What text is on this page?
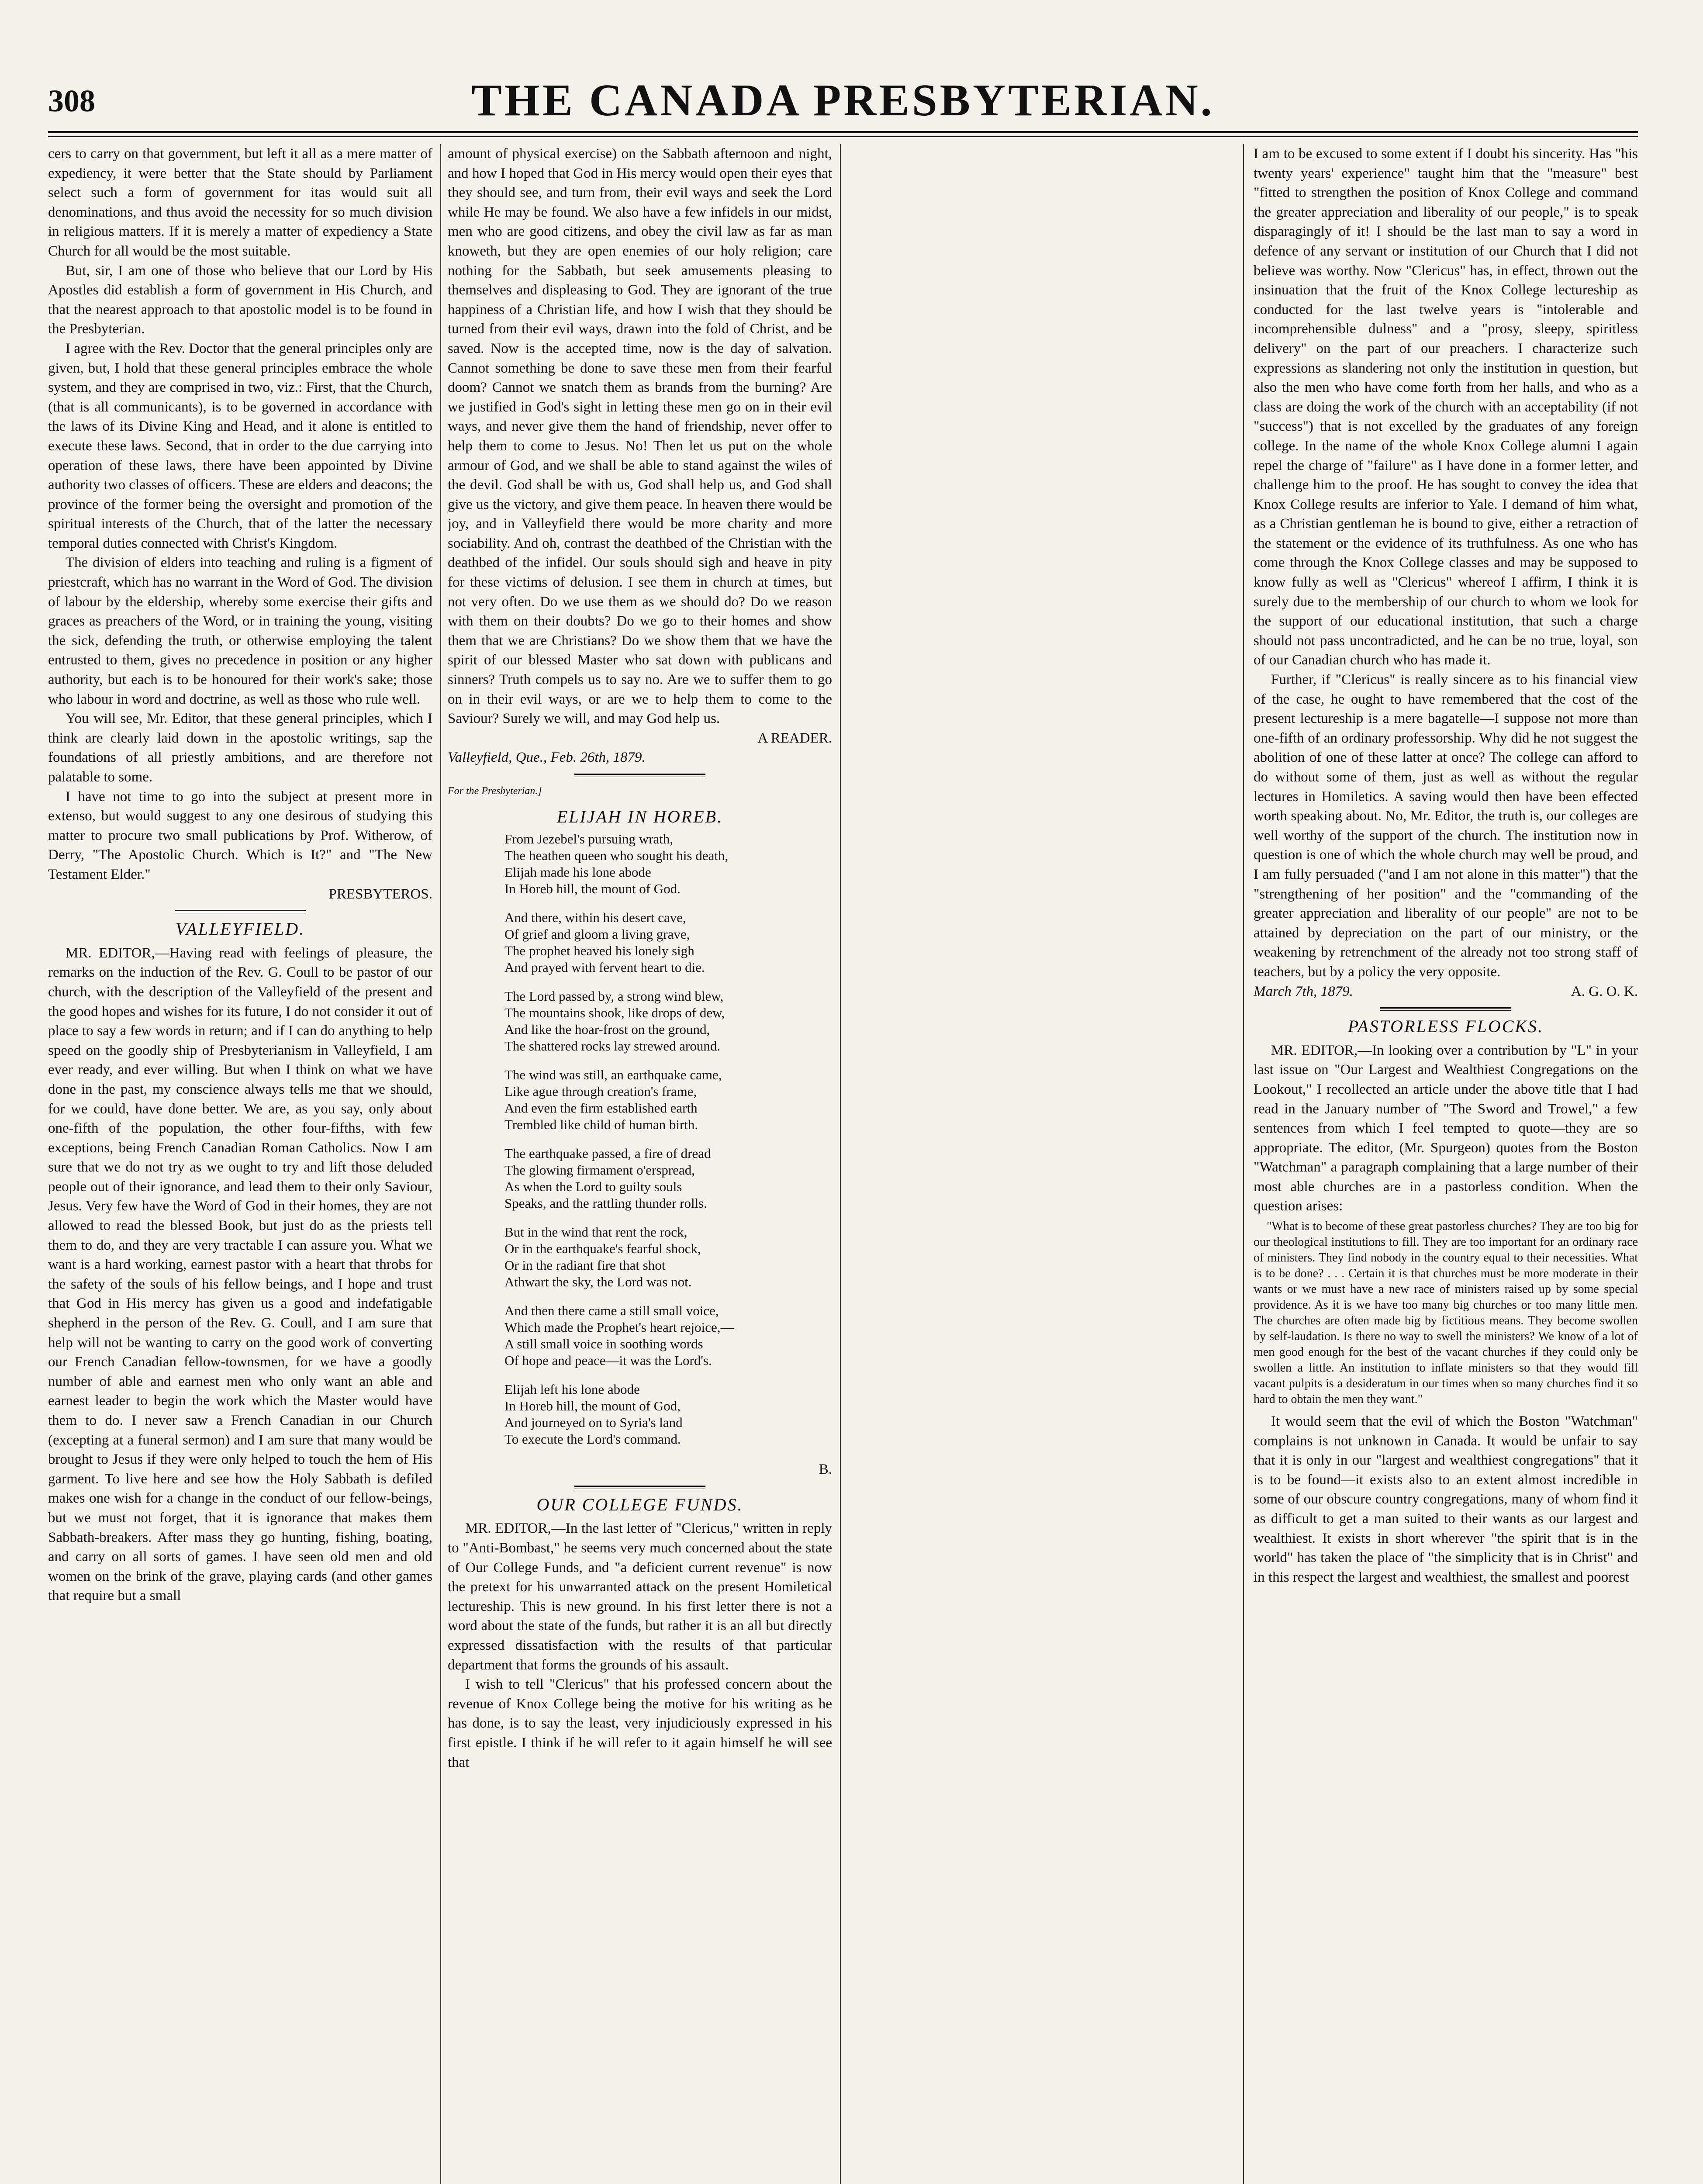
308	THE CANADA PRESBYTERIAN.

cers to carry on that government, but left it all as a mere matter of expediency, it were better that the State should by Parliament select such a form of government for itas would suit all denominations, and thus avoid the necessity for so much division in religious matters. If it is merely a matter of expediency a State Church for all would be the most suitable.

But, sir, I am one of those who believe that our Lord by His Apostles did establish a form of government in His Church, and that the nearest approach to that apostolic model is to be found in the Presbyterian.

I agree with the Rev. Doctor that the general principles only are given, but, I hold that these general principles embrace the whole system, and they are comprised in two, viz.: First, that the Church, (that is all communicants), is to be governed in accordance with the laws of its Divine King and Head, and it alone is entitled to execute these laws. Second, that in order to the due carrying into operation of these laws, there have been appointed by Divine authority two classes of officers. These are elders and deacons; the province of the former being the oversight and promotion of the spiritual interests of the Church, that of the latter the necessary temporal duties connected with Christ's Kingdom.

The division of elders into teaching and ruling is a figment of priestcraft, which has no warrant in the Word of God. The division of labour by the eldership, whereby some exercise their gifts and graces as preachers of the Word, or in training the young, visiting the sick, defending the truth, or otherwise employing the talent entrusted to them, gives no precedence in position or any higher authority, but each is to be honoured for their work's sake; those who labour in word and doctrine, as well as those who rule well.

You will see, Mr. Editor, that these general principles, which I think are clearly laid down in the apostolic writings, sap the foundations of all priestly ambitions, and are therefore not palatable to some.

I have not time to go into the subject at present more in extenso, but would suggest to any one desirous of studying this matter to procure two small publications by Prof. Witherow, of Derry, "The Apostolic Church. Which is It?" and "The New Testament Elder."

PRESBYTEROS.
VALLEYFIELD.

MR. EDITOR,—Having read with feelings of pleasure, the remarks on the induction of the Rev. G. Coull to be pastor of our church, with the description of the Valleyfield of the present and the good hopes and wishes for its future, I do not consider it out of place to say a few words in return; and if I can do anything to help speed on the goodly ship of Presbyterianism in Valleyfield, I am ever ready, and ever willing. But when I think on what we have done in the past, my conscience always tells me that we should, for we could, have done better. We are, as you say, only about one-fifth of the population, the other four-fifths, with few exceptions, being French Canadian Roman Catholics. Now I am sure that we do not try as we ought to try and lift those deluded people out of their ignorance, and lead them to their only Saviour, Jesus. Very few have the Word of God in their homes, they are not allowed to read the blessed Book, but just do as the priests tell them to do, and they are very tractable I can assure you. What we want is a hard working, earnest pastor with a heart that throbs for the safety of the souls of his fellow beings, and I hope and trust that God in His mercy has given us a good and indefatigable shepherd in the person of the Rev. G. Coull, and I am sure that help will not be wanting to carry on the good work of converting our French Canadian fellow-townsmen, for we have a goodly number of able and earnest men who only want an able and earnest leader to begin the work which the Master would have them to do. I never saw a French Canadian in our Church (excepting at a funeral sermon) and I am sure that many would be brought to Jesus if they were only helped to touch the hem of His garment. To live here and see how the Holy Sabbath is defiled makes one wish for a change in the conduct of our fellow-beings, but we must not forget, that it is ignorance that makes them Sabbath-breakers. After mass they go hunting, fishing, boating, and carry on all sorts of games. I have seen old men and old women on the brink of the grave, playing cards (and other games that require but a small

amount of physical exercise) on the Sabbath afternoon and night, and how I hoped that God in His mercy would open their eyes that they should see, and turn from, their evil ways and seek the Lord while He may be found. We also have a few infidels in our midst, men who are good citizens, and obey the civil law as far as man knoweth, but they are open enemies of our holy religion; care nothing for the Sabbath, but seek amusements pleasing to themselves and displeasing to God. They are ignorant of the true happiness of a Christian life, and how I wish that they should be turned from their evil ways, drawn into the fold of Christ, and be saved. Now is the accepted time, now is the day of salvation. Cannot something be done to save these men from their fearful doom? Cannot we snatch them as brands from the burning? Are we justified in God's sight in letting these men go on in their evil ways, and never give them the hand of friendship, never offer to help them to come to Jesus. No! Then let us put on the whole armour of God, and we shall be able to stand against the wiles of the devil. God shall be with us, God shall help us, and God shall give us the victory, and give them peace. In heaven there would be joy, and in Valleyfield there would be more charity and more sociability. And oh, contrast the deathbed of the Christian with the deathbed of the infidel. Our souls should sigh and heave in pity for these victims of delusion. I see them in church at times, but not very often. Do we use them as we should do? Do we reason with them on their doubts? Do we go to their homes and show them that we are Christians? Do we show them that we have the spirit of our blessed Master who sat down with publicans and sinners? Truth compels us to say no. Are we to suffer them to go on in their evil ways, or are we to help them to come to the Saviour? Surely we will, and may God help us.

A READER.
Valleyfield, Que., Feb. 26th, 1879.
For the Presbyterian.]
ELIJAH IN HOREB.
From Jezebel's pursuing wrath,
The heathen queen who sought his death,
Elijah made his lone abode
In Horeb hill, the mount of God.
And there, within his desert cave,
Of grief and gloom a living grave,
The prophet heaved his lonely sigh
And prayed with fervent heart to die.
The Lord passed by, a strong wind blew,
The mountains shook, like drops of dew,
And like the hoar-frost on the ground,
The shattered rocks lay strewed around.
The wind was still, an earthquake came,
Like ague through creation's frame,
And even the firm established earth
Trembled like child of human birth.
The earthquake passed, a fire of dread
The glowing firmament o'erspread,
As when the Lord to guilty souls
Speaks, and the rattling thunder rolls.
But in the wind that rent the rock,
Or in the earthquake's fearful shock,
Or in the radiant fire that shot
Athwart the sky, the Lord was not.
And then there came a still small voice,
Which made the Prophet's heart rejoice,—
A still small voice in soothing words
Of hope and peace—it was the Lord's.
Elijah left his lone abode
In Horeb hill, the mount of God,
And journeyed on to Syria's land
To execute the Lord's command.
B.
OUR COLLEGE FUNDS.

MR. EDITOR,—In the last letter of "Clericus," written in reply to "Anti-Bombast," he seems very much concerned about the state of Our College Funds, and "a deficient current revenue" is now the pretext for his unwarranted attack on the present Homiletical lectureship. This is new ground. In his first letter there is not a word about the state of the funds, but rather it is an all but directly expressed dissatisfaction with the results of that particular department that forms the grounds of his assault.

I wish to tell "Clericus" that his professed concern about the revenue of Knox College being the motive for his writing as he has done, is to say the least, very injudiciously expressed in his first epistle. I think if he will refer to it again himself he will see that

I am to be excused to some extent if I doubt his sincerity. Has "his twenty years' experience" taught him that the "measure" best "fitted to strengthen the position of Knox College and command the greater appreciation and liberality of our people," is to speak disparagingly of it! I should be the last man to say a word in defence of any servant or institution of our Church that I did not believe was worthy. Now "Clericus" has, in effect, thrown out the insinuation that the fruit of the Knox College lectureship as conducted for the last twelve years is "intolerable and incomprehensible dulness" and a "prosy, sleepy, spiritless delivery" on the part of our preachers. I characterize such expressions as slandering not only the institution in question, but also the men who have come forth from her halls, and who as a class are doing the work of the church with an acceptability (if not "success") that is not excelled by the graduates of any foreign college. In the name of the whole Knox College alumni I again repel the charge of "failure" as I have done in a former letter, and challenge him to the proof. He has sought to convey the idea that Knox College results are inferior to Yale. I demand of him what, as a Christian gentleman he is bound to give, either a retraction of the statement or the evidence of its truthfulness. As one who has come through the Knox College classes and may be supposed to know fully as well as "Clericus" whereof I affirm, I think it is surely due to the membership of our church to whom we look for the support of our educational institution, that such a charge should not pass uncontradicted, and he can be no true, loyal, son of our Canadian church who has made it.

Further, if "Clericus" is really sincere as to his financial view of the case, he ought to have remembered that the cost of the present lectureship is a mere bagatelle—I suppose not more than one-fifth of an ordinary professorship. Why did he not suggest the abolition of one of these latter at once? The college can afford to do without some of them, just as well as without the regular lectures in Homiletics. A saving would then have been effected worth speaking about. No, Mr. Editor, the truth is, our colleges are well worthy of the support of the church. The institution now in question is one of which the whole church may well be proud, and I am fully persuaded ("and I am not alone in this matter") that the "strengthening of her position" and the "commanding of the greater appreciation and liberality of our people" are not to be attained by depreciation on the part of our ministry, or the weakening by retrenchment of the already not too strong staff of teachers, but by a policy the very opposite.

March 7th, 1879.	A. G. O. K.
PASTORLESS FLOCKS.

MR. EDITOR,—In looking over a contribution by "L" in your last issue on "Our Largest and Wealthiest Congregations on the Lookout," I recollected an article under the above title that I had read in the January number of "The Sword and Trowel," a few sentences from which I feel tempted to quote—they are so appropriate. The editor, (Mr. Spurgeon) quotes from the Boston "Watchman" a paragraph complaining that a large number of their most able churches are in a pastorless condition. When the question arises:

"What is to become of these great pastorless churches? They are too big for our theological institutions to fill. They are too important for an ordinary race of ministers. They find nobody in the country equal to their necessities. What is to be done? . . . Certain it is that churches must be more moderate in their wants or we must have a new race of ministers raised up by some special providence. As it is we have too many big churches or too many little men. The churches are often made big by fictitious means. They become swollen by self-laudation. Is there no way to swell the ministers? We know of a lot of men good enough for the best of the vacant churches if they could only be swollen a little. An institution to inflate ministers so that they would fill vacant pulpits is a desideratum in our times when so many churches find it so hard to obtain the men they want."

It would seem that the evil of which the Boston "Watchman" complains is not unknown in Canada. It would be unfair to say that it is only in our "largest and wealthiest congregations" that it is to be found—it exists also to an extent almost incredible in some of our obscure country congregations, many of whom find it as difficult to get a man suited to their wants as our largest and wealthiest. It exists in short wherever "the spirit that is in the world" has taken the place of "the simplicity that is in Christ" and in this respect the largest and wealthiest, the smallest and poorest
